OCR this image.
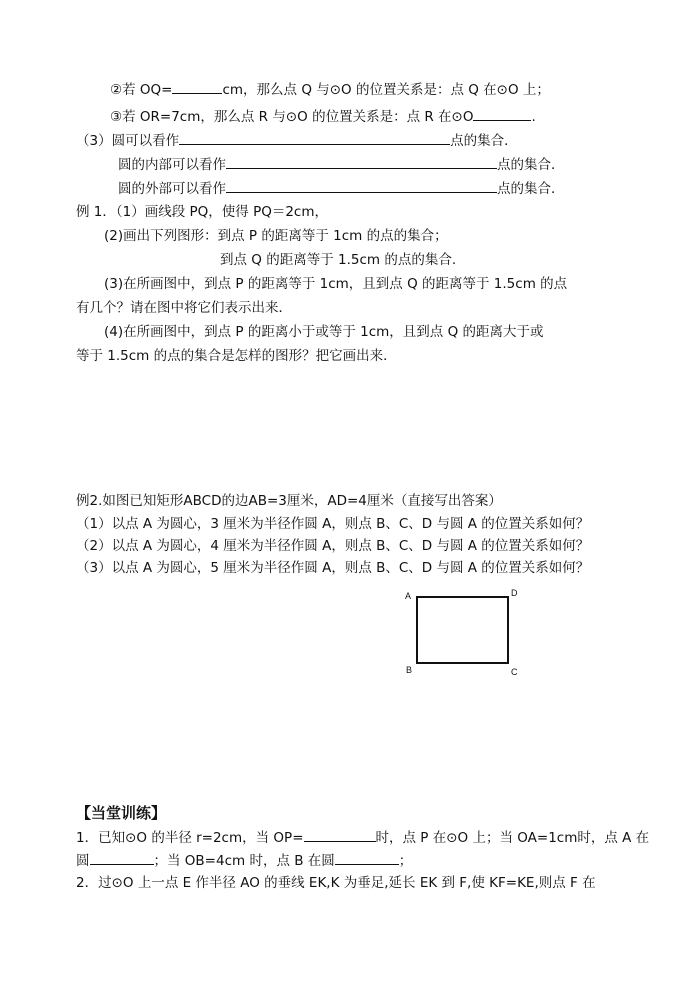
②若 OQ=	cm，那么点 Q 与⊙O 的位置关系是：点 Q 在⊙O 上；
③若 OR=7cm，那么点 R 与⊙O 的位置关系是：点 R 在⊙O	.
（3）圆可以看作	点的集合．
圆的内部可以看作	点的集合．
圆的外部可以看作	点的集合．
例 1．（1）画线段 PQ，使得 PQ＝2cm，
(2)画出下列图形：到点 P 的距离等于 1cm 的点的集合；
到点 Q 的距离等于 1.5cm 的点的集合.
(3)在所画图中，到点 P 的距离等于 1cm，且到点 Q 的距离等于 1.5cm 的点
有几个？请在图中将它们表示出来．
(4)在所画图中，到点 P 的距离小于或等于 1cm，且到点 Q 的距离大于或
等于 1.5cm 的点的集合是怎样的图形？把它画出来．
例2.如图已知矩形ABCD的边AB=3厘米，AD=4厘米（直接写出答案）
（1）以点 A 为圆心，3 厘米为半径作圆 A，则点 B、C、D 与圆 A 的位置关系如何？
（2）以点 A 为圆心，4 厘米为半径作圆 A，则点 B、C、D 与圆 A 的位置关系如何？
（3）以点 A 为圆心，5 厘米为半径作圆 A，则点 B、C、D 与圆 A 的位置关系如何？
A	D
B	C
【当堂训练】
1．已知⊙O 的半径 r=2cm，当 OP=	时，点 P 在⊙O 上；当 OA=1cm时，点 A 在
圆	；当 OB=4cm 时，点 B 在圆	；
2．过⊙O 上一点 E 作半径 AO 的垂线 EK,K 为垂足,延长 EK 到 F,使 KF=KE,则点 F 在
